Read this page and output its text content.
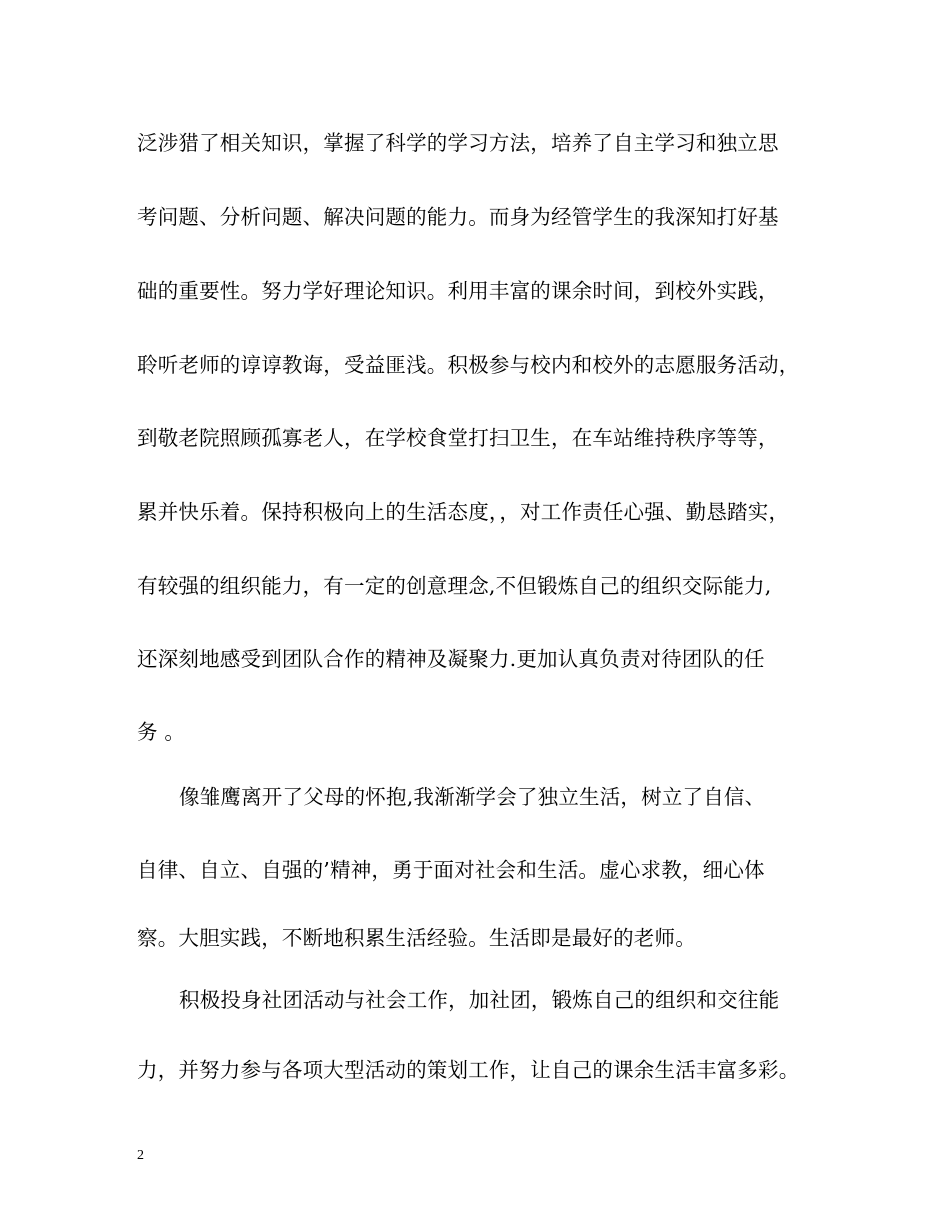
泛涉猎了相关知识，掌握了科学的学习方法，培养了自主学习和独立思
考问题、分析问题、解决问题的能力。而身为经管学生的我深知打好基
础的重要性。努力学好理论知识。利用丰富的课余时间，到校外实践，
聆听老师的谆谆教诲，受益匪浅。积极参与校内和校外的志愿服务活动，
到敬老院照顾孤寡老人，在学校食堂打扫卫生，在车站维持秩序等等，
累并快乐着。保持积极向上的生活态度，，对工作责任心强、勤恳踏实，
有较强的组织能力，有一定的创意理念,不但锻炼自己的组织交际能力,
还深刻地感受到团队合作的精神及凝聚力.更加认真负责对待团队的任
务 。
像雏鹰离开了父母的怀抱,我渐渐学会了独立生活，树立了自信、
自律、自立、自强的’精神，勇于面对社会和生活。虚心求教，细心体
察。大胆实践，不断地积累生活经验。生活即是最好的老师。
积极投身社团活动与社会工作，加社团，锻炼自己的组织和交往能
力，并努力参与各项大型活动的策划工作，让自己的课余生活丰富多彩。
2
